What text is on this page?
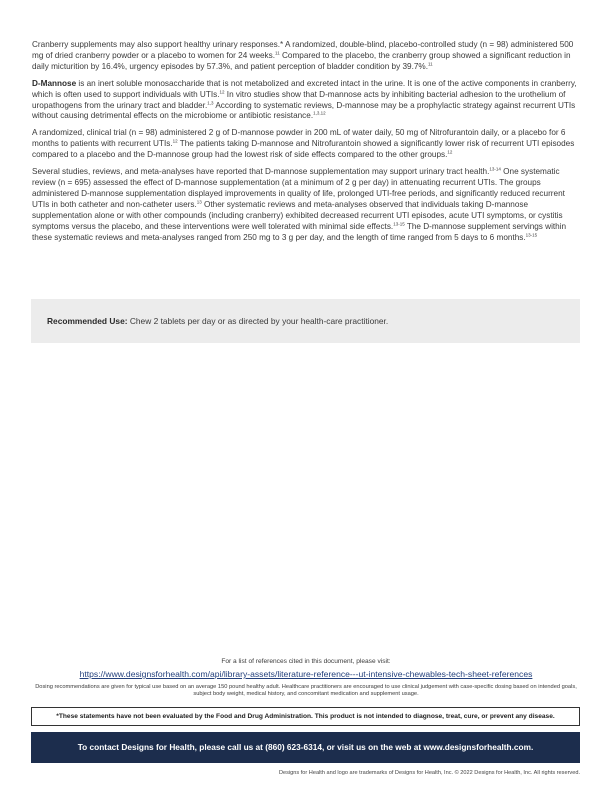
Cranberry supplements may also support healthy urinary responses.* A randomized, double-blind, placebo-controlled study (n = 98) administered 500 mg of dried cranberry powder or a placebo to women for 24 weeks.$^{11}$ Compared to the placebo, the cranberry group showed a significant reduction in daily micturition by 16.4%, urgency episodes by 57.3%, and patient perception of bladder condition by 39.7%.$^{11}$

D-Mannose is an inert soluble monosaccharide that is not metabolized and excreted intact in the urine. It is one of the active components in cranberry, which is often used to support individuals with UTIs.$^{12}$ In vitro studies show that D-mannose acts by inhibiting bacterial adhesion to the urothelium of uropathogens from the urinary tract and bladder.$^{1,3}$ According to systematic reviews, D-mannose may be a prophylactic strategy against recurrent UTIs without causing detrimental effects on the microbiome or antibiotic resistance.$^{1,3,12}$

A randomized, clinical trial (n = 98) administered 2 g of D-mannose powder in 200 mL of water daily, 50 mg of Nitrofurantoin daily, or a placebo for 6 months to patients with recurrent UTIs.$^{12}$ The patients taking D-mannose and Nitrofurantoin showed a significantly lower risk of recurrent UTI episodes compared to a placebo and the D-mannose group had the lowest risk of side effects compared to the other groups.$^{12}$

Several studies, reviews, and meta-analyses have reported that D-mannose supplementation may support urinary tract health.$^{13-14}$ One systematic review (n = 695) assessed the effect of D-mannose supplementation (at a minimum of 2 g per day) in attenuating recurrent UTIs. The groups administered D-mannose supplementation displayed improvements in quality of life, prolonged UTI-free periods, and significantly reduced recurrent UTIs in both catheter and non-catheter users.$^{13}$ Other systematic reviews and meta-analyses observed that individuals taking D-mannose supplementation alone or with other compounds (including cranberry) exhibited decreased recurrent UTI episodes, acute UTI symptoms, or cystitis symptoms versus the placebo, and these interventions were well tolerated with minimal side effects.$^{13-15}$ The D-mannose supplement servings within these systematic reviews and meta-analyses ranged from 250 mg to 3 g per day, and the length of time ranged from 5 days to 6 months.$^{13-15}$

Recommended Use: Chew 2 tablets per day or as directed by your health-care practitioner.
For a list of references cited in this document, please visit:
https://www.designsforhealth.com/api/library-assets/literature-reference---ut-intensive-chewables-tech-sheet-references
Dosing recommendations are given for typical use based on an average 150 pound healthy adult. Healthcare practitioners are encouraged to use clinical judgement with case-specific dosing based on intended goals, subject body weight, medical history, and concomitant medication and supplement usage.
*These statements have not been evaluated by the Food and Drug Administration. This product is not intended to diagnose, treat, cure, or prevent any disease.
To contact Designs for Health, please call us at (860) 623-6314, or visit us on the web at www.designsforhealth.com.
Designs for Health and logo are trademarks of Designs for Health, Inc. © 2022 Designs for Health, Inc. All rights reserved.
